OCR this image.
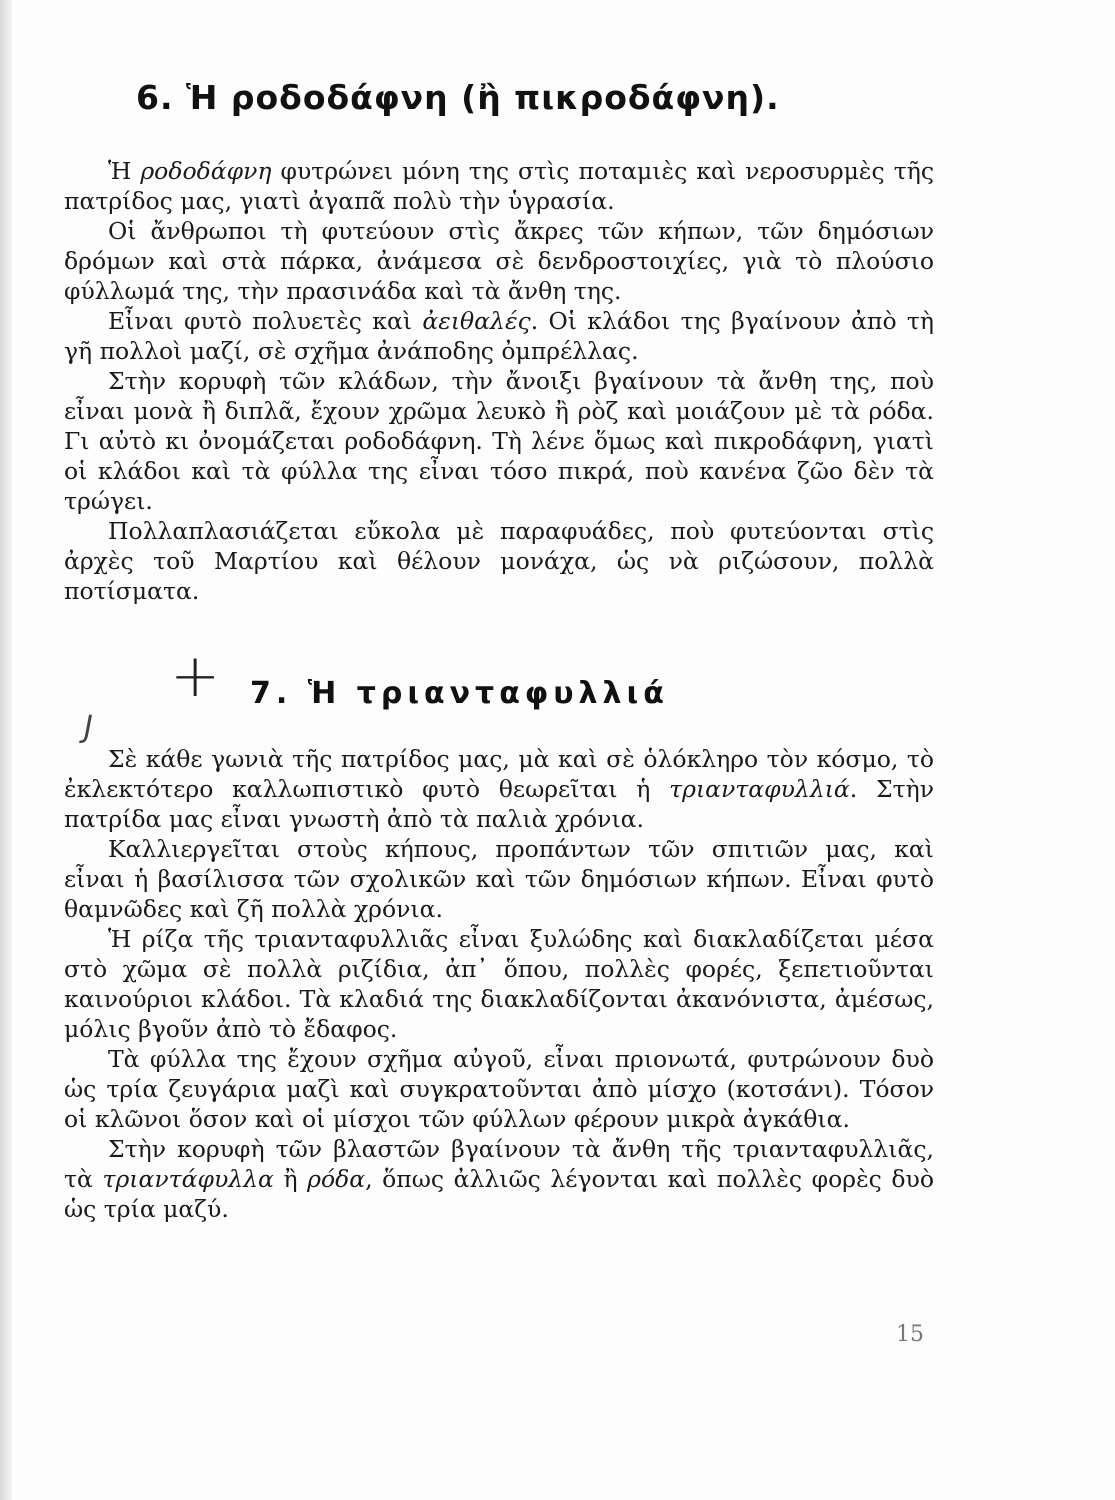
6. Ἡ ροδοδάφνη (ἢ πικροδάφνη).

Ἡ ροδοδάφνη φυτρώνει μόνη της στὶς ποταμιὲς καὶ νεροσυρμὲς τῆς πατρίδος μας, γιατὶ ἀγαπᾶ πολὺ τὴν ὑγρασία.

Οἱ ἄνθρωποι τὴ φυτεύουν στὶς ἄκρες τῶν κήπων, τῶν δημόσιων δρόμων καὶ στὰ πάρκα, ἀνάμεσα σὲ δενδροστοιχίες, γιὰ τὸ πλούσιο φύλλωμά της, τὴν πρασινάδα καὶ τὰ ἄνθη της.

Εἶναι φυτὸ πολυετὲς καὶ ἀειθαλές. Οἱ κλάδοι της βγαίνουν ἀπὸ τὴ γῆ πολλοὶ μαζί, σὲ σχῆμα ἀνάποδης ὀμπρέλλας.

Στὴν κορυφὴ τῶν κλάδων, τὴν ἄνοιξι βγαίνουν τὰ ἄνθη της, ποὺ εἶναι μονὰ ἢ διπλᾶ, ἔχουν χρῶμα λευκὸ ἢ ρὸζ καὶ μοιάζουν μὲ τὰ ρόδα. Γι αὐτὸ κι ὀνομάζεται ροδοδάφνη. Τὴ λένε ὅμως καὶ πικροδάφνη, γιατὶ οἱ κλάδοι καὶ τὰ φύλλα της εἶναι τόσο πικρά, ποὺ κανένα ζῶο δὲν τὰ τρώγει.

Πολλαπλασιάζεται εὔκολα μὲ παραφυάδες, ποὺ φυτεύονται στὶς ἀρχὲς τοῦ Μαρτίου καὶ θέλουν μονάχα, ὡς νὰ ριζώσουν, πολλὰ ποτίσματα.

+ 7. Ἡ τριανταφυλλιά
J

Σὲ κάθε γωνιὰ τῆς πατρίδος μας, μὰ καὶ σὲ ὁλόκληρο τὸν κόσμο, τὸ ἐκλεκτότερο καλλωπιστικὸ φυτὸ θεωρεῖται ἡ τριανταφυλλιά. Στὴν πατρίδα μας εἶναι γνωστὴ ἀπὸ τὰ παλιὰ χρόνια.

Καλλιεργεῖται στοὺς κήπους, προπάντων τῶν σπιτιῶν μας, καὶ εἶναι ἡ βασίλισσα τῶν σχολικῶν καὶ τῶν δημόσιων κήπων. Εἶναι φυτὸ θαμνῶδες καὶ ζῆ πολλὰ χρόνια.

Ἡ ρίζα τῆς τριανταφυλλιᾶς εἶναι ξυλώδης καὶ διακλαδίζεται μέσα στὸ χῶμα σὲ πολλὰ ριζίδια, ἀπ᾿ ὅπου, πολλὲς φορές, ξεπετιοῦνται καινούριοι κλάδοι. Τὰ κλαδιά της διακλαδίζονται ἀκανόνιστα, ἀμέσως, μόλις βγοῦν ἀπὸ τὸ ἔδαφος.

Τὰ φύλλα της ἔχουν σχῆμα αὐγοῦ, εἶναι πριονωτά, φυτρώνουν δυὸ ὡς τρία ζευγάρια μαζὶ καὶ συγκρατοῦνται ἀπὸ μίσχο (κοτσάνι). Τόσον οἱ κλῶνοι ὅσον καὶ οἱ μίσχοι τῶν φύλλων φέρουν μικρὰ ἀγκάθια.

Στὴν κορυφὴ τῶν βλαστῶν βγαίνουν τὰ ἄνθη τῆς τριανταφυλλιᾶς, τὰ τριαντάφυλλα ἢ ρόδα, ὅπως ἀλλιῶς λέγονται καὶ πολλὲς φορὲς δυὸ ὡς τρία μαζύ.

15
